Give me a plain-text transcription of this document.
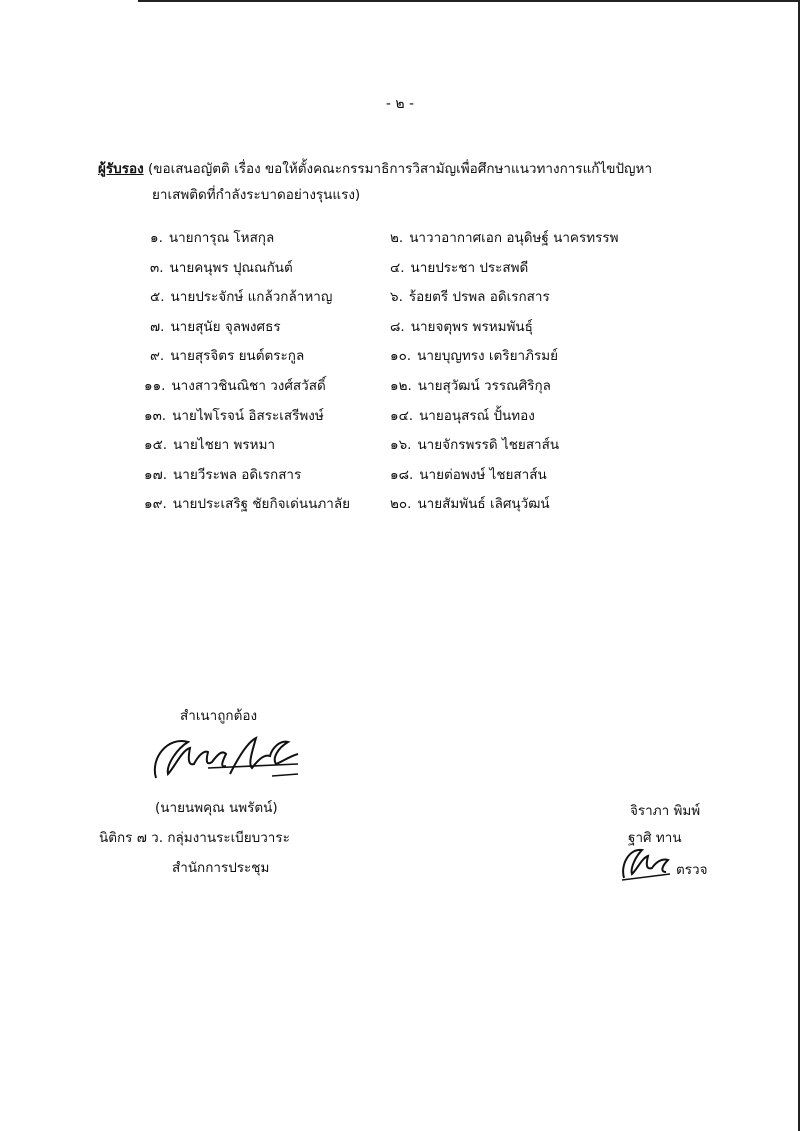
- ๒ -
ผู้รับรอง (ขอเสนอญัตติ เรื่อง ขอให้ตั้งคณะกรรมาธิการวิสามัญเพื่อศึกษาแนวทางการแก้ไขปัญหา
ยาเสพติดที่กำลังระบาดอย่างรุนแรง)
๑. นายการุณ โหสกุล	๒. นาวาอากาศเอก อนุดิษฐ์ นาครทรรพ
๓. นายคนุพร ปุณณกันต์	๔. นายประชา ประสพดี
๕. นายประจักษ์ แกล้วกล้าหาญ	๖. ร้อยตรี ปรพล อดิเรกสาร
๗. นายสุนัย จุลพงศธร	๘. นายจตุพร พรหมพันธุ์
๙. นายสุรจิตร ยนต์ตระกูล	๑๐. นายบุญทรง เตริยาภิรมย์
๑๑. นางสาวชินณิชา วงศ์สวัสดิ์	๑๒. นายสุวัฒน์ วรรณศิริกุล
๑๓. นายไพโรจน์ อิสระเสรีพงษ์	๑๔. นายอนุสรณ์ ปั้นทอง
๑๕. นายไชยา พรหมา	๑๖. นายจักรพรรดิ ไชยสาส์น
๑๗. นายวีระพล อดิเรกสาร	๑๘. นายต่อพงษ์ ไชยสาส์น
๑๙. นายประเสริฐ ชัยกิจเด่นนภาลัย	๒๐. นายสัมพันธ์ เลิศนุวัฒน์
สำเนาถูกต้อง
(นายนพคุณ นพรัตน์)
นิติกร ๗ ว. กลุ่มงานระเบียบวาระ
สำนักการประชุม
จิราภา พิมพ์
ฐาศิ ทาน
ตรวจ
